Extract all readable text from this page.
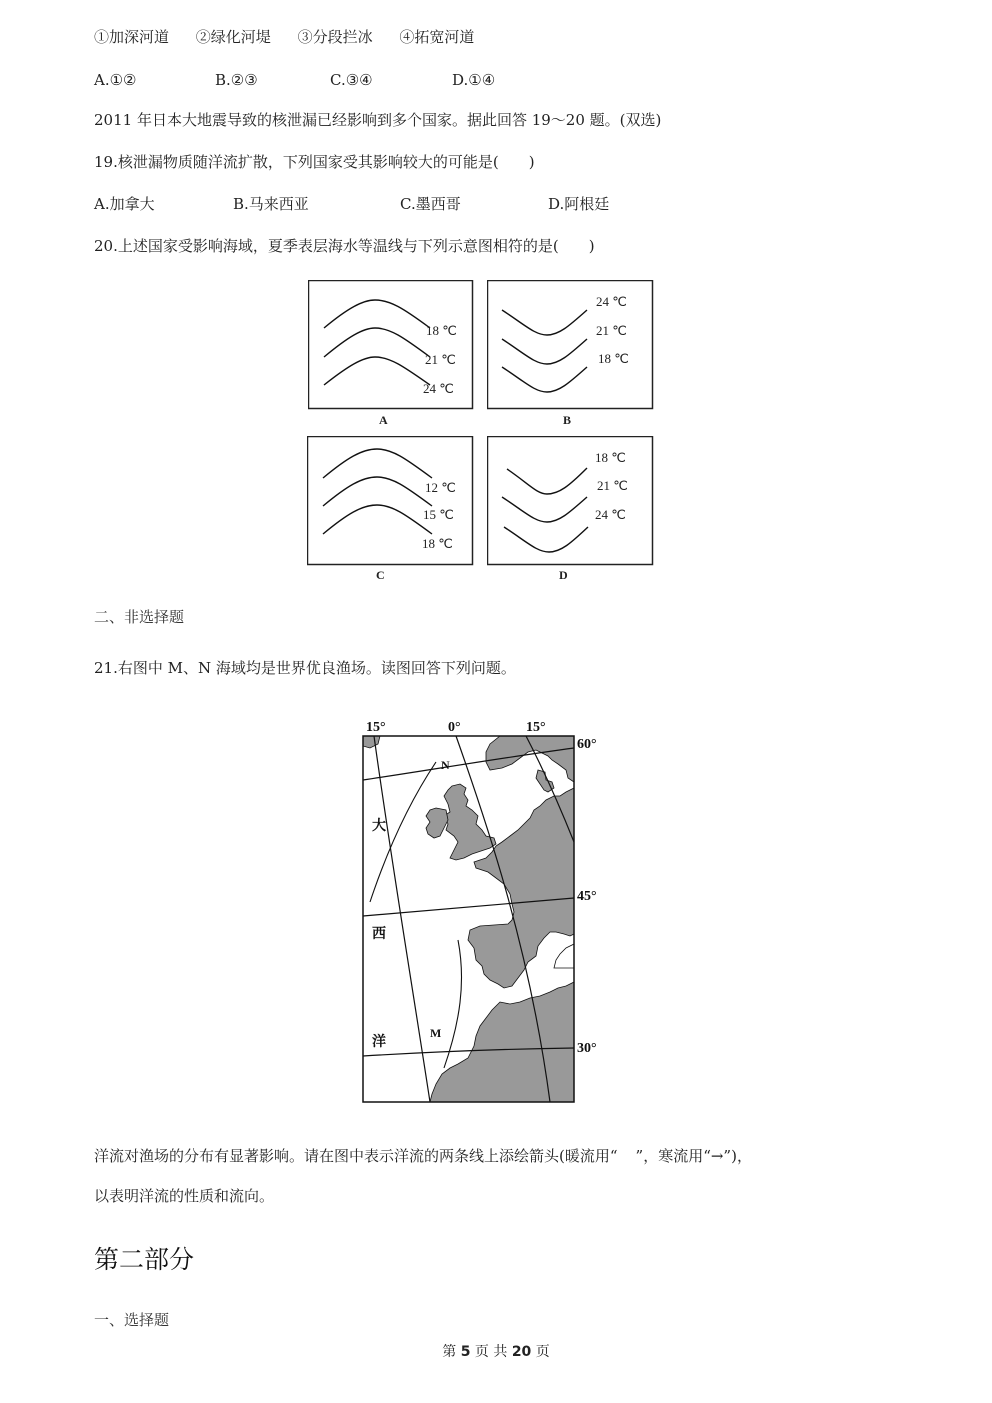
①加深河道 ②绿化河堤 ③分段拦冰 ④拓宽河道
A.①②	B.②③	C.③④	D.①④
2011 年日本大地震导致的核泄漏已经影响到多个国家。据此回答 19～20 题。(双选)
19.核泄漏物质随洋流扩散，下列国家受其影响较大的可能是(　　)
A.加拿大	B.马来西亚	C.墨西哥	D.阿根廷
20.上述国家受影响海域，夏季表层海水等温线与下列示意图相符的是(　　)
18 ℃
21 ℃
24 ℃
A
24 ℃
21 ℃
18 ℃
B
12 ℃
15 ℃
18 ℃
C
18 ℃
21 ℃
24 ℃
D
二、非选择题
21.右图中 M、N 海域均是世界优良渔场。读图回答下列问题。
15°	0°	15°
60°
45°
30°
大
西
洋
N
M
洋流对渔场的分布有显著影响。请在图中表示洋流的两条线上添绘箭头(暖流用“ ”，寒流用“→”)，
以表明洋流的性质和流向。
第二部分
一、选择题
第 5 页 共 20 页
